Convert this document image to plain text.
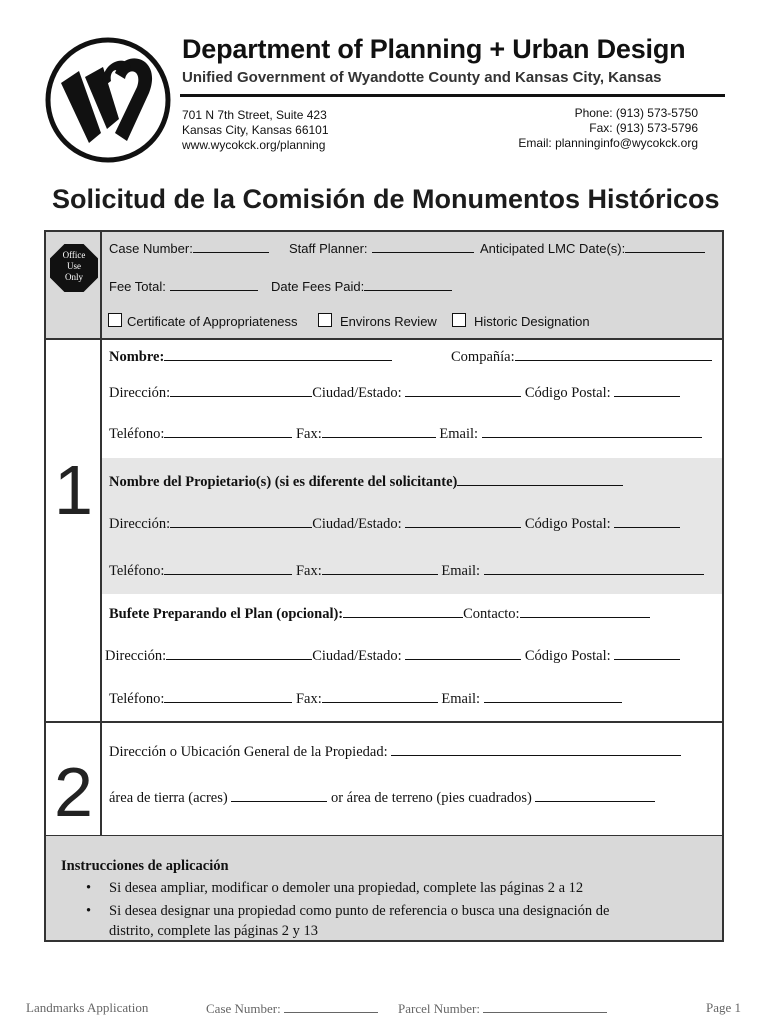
Department of Planning + Urban Design
Unified Government of Wyandotte County and Kansas City, Kansas
701 N 7th Street, Suite 423
Kansas City, Kansas 66101
www.wycokck.org/planning
Phone: (913) 573-5750
Fax: (913) 573-5796
Email: planninginfo@wycokck.org
Solicitud de la Comisión de Monumentos Históricos
Office
Use
Only
Case Number:	Staff Planner:	Anticipated LMC Date(s):
Fee Total:	Date Fees Paid:
Certificate of Appropriateness	Environs Review	Historic Designation
1
Nombre:	Compañía:
Dirección:	Ciudad/Estado:	Código Postal:
Teléfono:	Fax:	Email:
Nombre del Propietario(s) (si es diferente del solicitante)
Dirección:	Ciudad/Estado:	Código Postal:
Teléfono:	Fax:	Email:
Bufete Preparando el Plan (opcional):	Contacto:
Dirección:	Ciudad/Estado:	Código Postal:
Teléfono:	Fax:	Email:
2
Dirección o Ubicación General de la Propiedad:
área de tierra (acres)	or área de terreno (pies cuadrados)
Instrucciones de aplicación
• Si desea ampliar, modificar o demoler una propiedad, complete las páginas 2 a 12
• Si desea designar una propiedad como punto de referencia o busca una designación de
distrito, complete las páginas 2 y 13
Landmarks Application	Case Number:	Parcel Number:	Page 1
